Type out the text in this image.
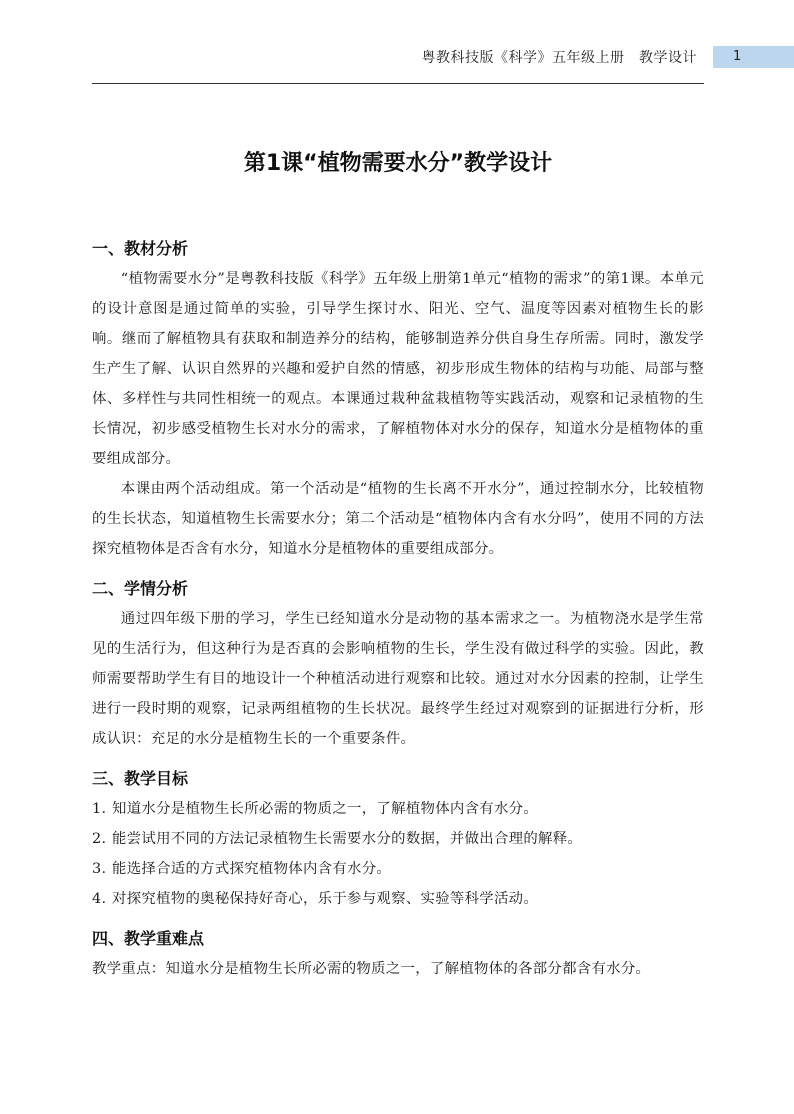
粤教科技版《科学》五年级上册　教学设计	1
第1课“植物需要水分”教学设计
一、教材分析

“植物需要水分”是粤教科技版《科学》五年级上册第1单元“植物的需求”的第1课。本单元的设计意图是通过简单的实验，引导学生探讨水、阳光、空气、温度等因素对植物生长的影响。继而了解植物具有获取和制造养分的结构，能够制造养分供自身生存所需。同时，激发学生产生了解、认识自然界的兴趣和爱护自然的情感，初步形成生物体的结构与功能、局部与整体、多样性与共同性相统一的观点。本课通过栽种盆栽植物等实践活动，观察和记录植物的生长情况，初步感受植物生长对水分的需求，了解植物体对水分的保存，知道水分是植物体的重要组成部分。

本课由两个活动组成。第一个活动是“植物的生长离不开水分”，通过控制水分，比较植物的生长状态，知道植物生长需要水分；第二个活动是“植物体内含有水分吗”，使用不同的方法探究植物体是否含有水分，知道水分是植物体的重要组成部分。

二、学情分析

通过四年级下册的学习，学生已经知道水分是动物的基本需求之一。为植物浇水是学生常见的生活行为，但这种行为是否真的会影响植物的生长，学生没有做过科学的实验。因此，教师需要帮助学生有目的地设计一个种植活动进行观察和比较。通过对水分因素的控制，让学生进行一段时期的观察，记录两组植物的生长状况。最终学生经过对观察到的证据进行分析，形成认识：充足的水分是植物生长的一个重要条件。

三、教学目标
1. 知道水分是植物生长所必需的物质之一，了解植物体内含有水分。
2. 能尝试用不同的方法记录植物生长需要水分的数据，并做出合理的解释。
3. 能选择合适的方式探究植物体内含有水分。
4. 对探究植物的奥秘保持好奇心，乐于参与观察、实验等科学活动。
四、教学重难点
教学重点：知道水分是植物生长所必需的物质之一，了解植物体的各部分都含有水分。
